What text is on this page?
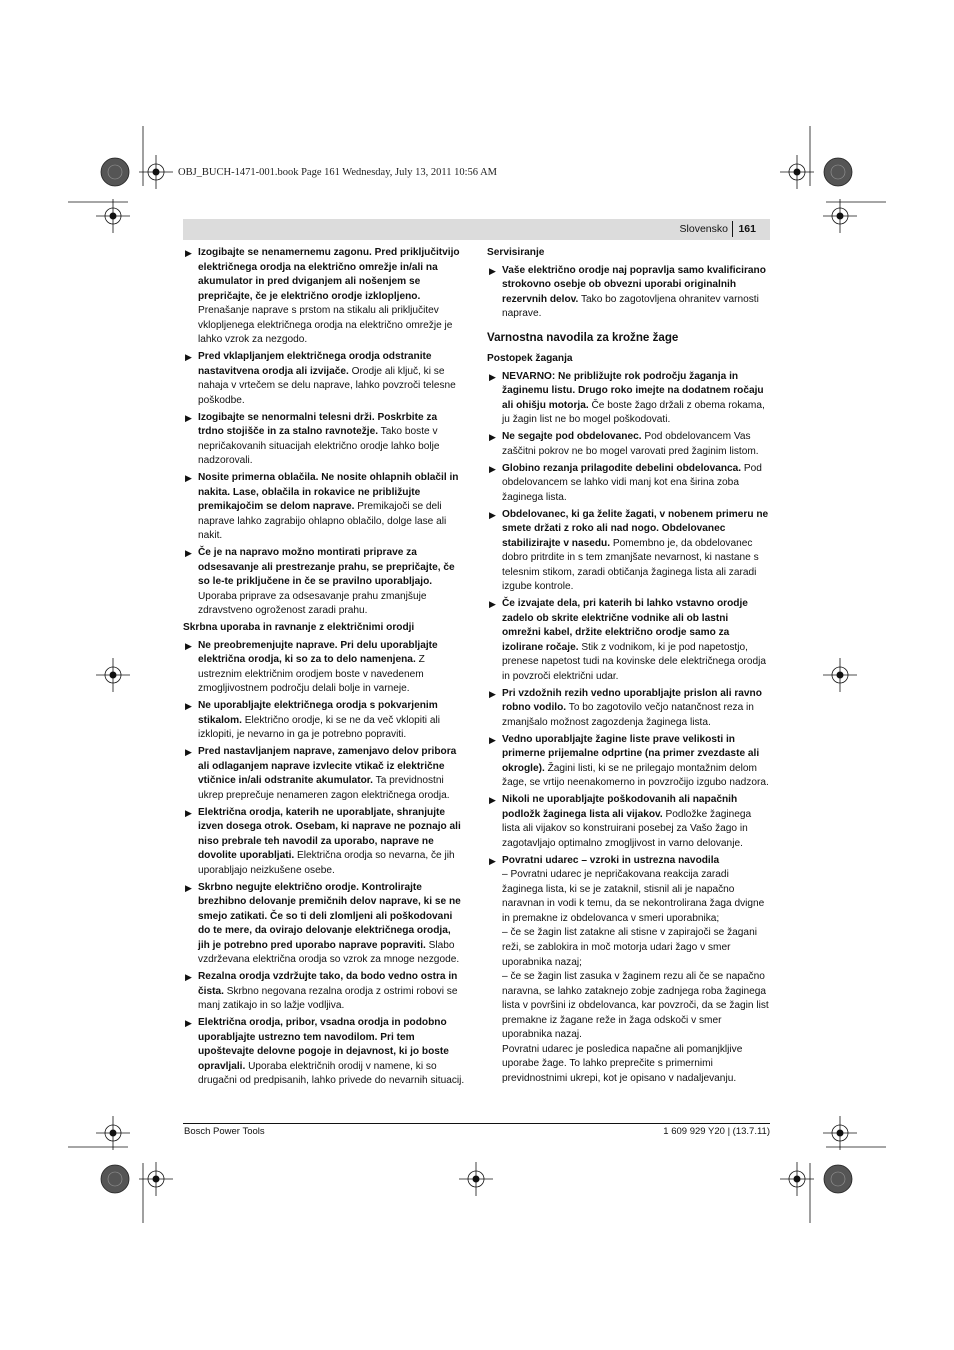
OBJ_BUCH-1471-001.book Page 161 Wednesday, July 13, 2011 10:56 AM
Slovensko 161
▶ Izogibajte se nenamernemu zagonu. Pred priključitvijo električnega orodja na električno omrežje in/ali na akumulator in pred dviganjem ali nošenjem se prepričajte, če je električno orodje izklopljeno. Prenašanje naprave s prstom na stikalu ali priključitev vklopljenega električnega orodja na električno omrežje je lahko vzrok za nezgodo.
▶ Pred vklapljanjem električnega orodja odstranite nastavitvena orodja ali izvijače. Orodje ali ključ, ki se nahaja v vrtečem se delu naprave, lahko povzroči telesne poškodbe.
▶ Izogibajte se nenormalni telesni drži. Poskrbite za trdno stojišče in za stalno ravnotežje. Tako boste v nepričakovanih situacijah električno orodje lahko bolje nadzorovali.
▶ Nosite primerna oblačila. Ne nosite ohlapnih oblačil in nakita. Lase, oblačila in rokavice ne približujte premikajočim se delom naprave. Premikajoči se deli naprave lahko zagrabijo ohlapno oblačilo, dolge lase ali nakit.
▶ Če je na napravo možno montirati priprave za odsesavanje ali prestrezanje prahu, se prepričajte, če so le-te priključene in če se pravilno uporabljajo. Uporaba priprave za odsesavanje prahu zmanjšuje zdravstveno ogroženost zaradi prahu.
Skrbna uporaba in ravnanje z električnimi orodji
▶ Ne preobremenjujte naprave. Pri delu uporabljajte električna orodja, ki so za to delo namenjena. Z ustreznim električnim orodjem boste v navedenem zmogljivostnem področju delali bolje in varneje.
▶ Ne uporabljajte električnega orodja s pokvarjenim stikalom. Električno orodje, ki se ne da več vklopiti ali izklopiti, je nevarno in ga je potrebno popraviti.
▶ Pred nastavljanjem naprave, zamenjavo delov pribora ali odlaganjem naprave izvlecite vtikač iz električne vtičnice in/ali odstranite akumulator. Ta previdnostni ukrep preprečuje nenameren zagon električnega orodja.
▶ Električna orodja, katerih ne uporabljate, shranjujte izven dosega otrok. Osebam, ki naprave ne poznajo ali niso prebrale teh navodil za uporabo, naprave ne dovolite uporabljati. Električna orodja so nevarna, če jih uporabljajo neizkušene osebe.
▶ Skrbno negujte električno orodje. Kontrolirajte brezhibno delovanje premičnih delov naprave, ki se ne smejo zatikati. Če so ti deli zlomljeni ali poškodovani do te mere, da ovirajo delovanje električnega orodja, jih je potrebno pred uporabo naprave popraviti. Slabo vzdrževana električna orodja so vzrok za mnoge nezgode.
▶ Rezalna orodja vzdržujte tako, da bodo vedno ostra in čista. Skrbno negovana rezalna orodja z ostrimi robovi se manj zatikajo in so lažje vodljiva.
▶ Električna orodja, pribor, vsadna orodja in podobno uporabljajte ustrezno tem navodilom. Pri tem upoštevajte delovne pogoje in dejavnost, ki jo boste opravljali. Uporaba električnih orodij v namene, ki so drugačni od predpisanih, lahko privede do nevarnih situacij.
Servisiranje
▶ Vaše električno orodje naj popravlja samo kvalificirano strokovno osebje ob obvezni uporabi originalnih rezervnih delov. Tako bo zagotovljena ohranitev varnosti naprave.
Varnostna navodila za krožne žage
Postopek žaganja
▶ NEVARNO: Ne približujte rok področju žaganja in žaginemu listu. Drugo roko imejte na dodatnem ročaju ali ohišju motorja. Če boste žago držali z obema rokama, ju žagin list ne bo mogel poškodovati.
▶ Ne segajte pod obdelovanec. Pod obdelovancem Vas zaščitni pokrov ne bo mogel varovati pred žaginim listom.
▶ Globino rezanja prilagodite debelini obdelovanca. Pod obdelovancem se lahko vidi manj kot ena širina zoba žaginega lista.
▶ Obdelovanec, ki ga želite žagati, v nobenem primeru ne smete držati z roko ali nad nogo. Obdelovanec stabilizirajte v nasedu. Pomembno je, da obdelovanec dobro pritrdite in s tem zmanjšate nevarnost, ki nastane s telesnim stikom, zaradi obtičanja žaginega lista ali zaradi izgube kontrole.
▶ Če izvajate dela, pri katerih bi lahko vstavno orodje zadelo ob skrite električne vodnike ali ob lastni omrežni kabel, držite električno orodje samo za izolirane ročaje. Stik z vodnikom, ki je pod napetostjo, prenese napetost tudi na kovinske dele električnega orodja in povzroči električni udar.
▶ Pri vzdožnih rezih vedno uporabljajte prislon ali ravno robno vodilo. To bo zagotovilo večjo natančnost reza in zmanjšalo možnost zagozdenja žaginega lista.
▶ Vedno uporabljajte žagine liste prave velikosti in primerne prijemalne odprtine (na primer zvezdaste ali okrogle). Žagini listi, ki se ne prilegajo montažnim delom žage, se vrtijo neenakomerno in povzročijo izgubo nadzora.
▶ Nikoli ne uporabljajte poškodovanih ali napačnih podložk žaginega lista ali vijakov. Podložke žaginega lista ali vijakov so konstruirani posebej za Vašo žago in zagotavljajo optimalno zmogljivost in varno delovanje.
▶ Povratni udarec – vzroki in ustrezna navodila

– Povratni udarec je nepričakovana reakcija zaradi žaginega lista, ki se je zataknil, stisnil ali je napačno naravnan in vodi k temu, da se nekontrolirana žaga dvigne in premakne iz obdelovanca v smeri uporabnika;

– če se žagin list zatakne ali stisne v zapirajoči se žagani reži, se zablokira in moč motorja udari žago v smer uporabnika nazaj;

– če se žagin list zasuka v žaginem rezu ali če se napačno naravna, se lahko zataknejo zobje zadnjega roba žaginega lista v površini iz obdelovanca, kar povzroči, da se žagin list premakne iz žagane reže in žaga odskoči v smer uporabnika nazaj.

Povratni udarec je posledica napačne ali pomanjkljive uporabe žage. To lahko preprečite s primernimi previdnostnimi ukrepi, kot je opisano v nadaljevanju.

Bosch Power Tools	1 609 929 Y20 | (13.7.11)
